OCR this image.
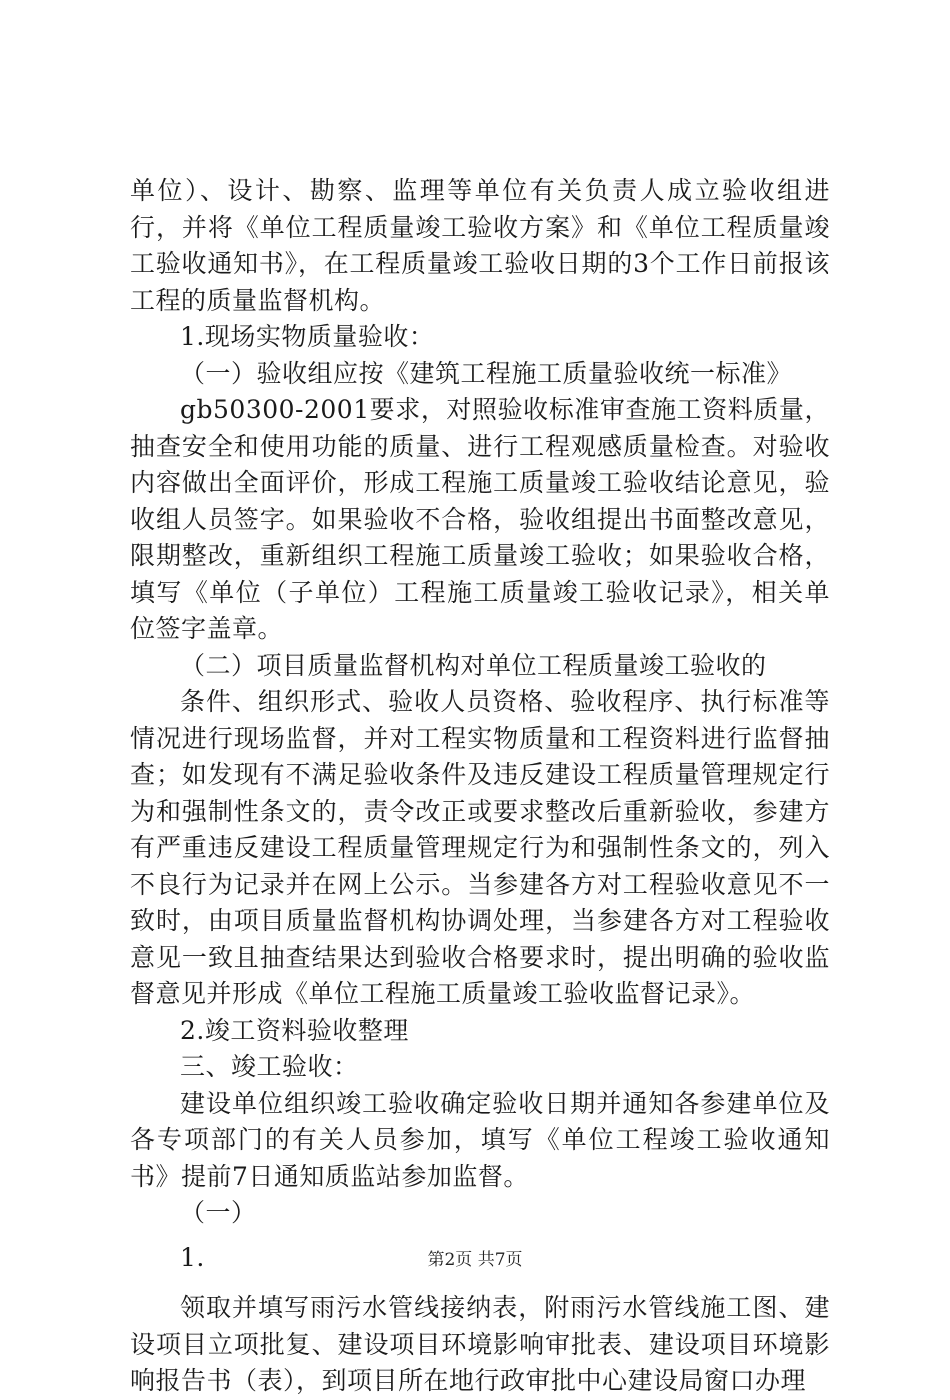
单位）、设计、勘察、监理等单位有关负责人成立验收组进行，并将《单位工程质量竣工验收方案》和《单位工程质量竣工验收通知书》，在工程质量竣工验收日期的3个工作日前报该工程的质量监督机构。

1.现场实物质量验收：

（一）验收组应按《建筑工程施工质量验收统一标准》

gb50300-2001要求，对照验收标准审查施工资料质量，抽查安全和使用功能的质量、进行工程观感质量检查。对验收内容做出全面评价，形成工程施工质量竣工验收结论意见，验收组人员签字。如果验收不合格，验收组提出书面整改意见，限期整改，重新组织工程施工质量竣工验收；如果验收合格，填写《单位（子单位）工程施工质量竣工验收记录》，相关单位签字盖章。

（二）项目质量监督机构对单位工程质量竣工验收的

条件、组织形式、验收人员资格、验收程序、执行标准等情况进行现场监督，并对工程实物质量和工程资料进行监督抽查；如发现有不满足验收条件及违反建设工程质量管理规定行为和强制性条文的，责令改正或要求整改后重新验收，参建方有严重违反建设工程质量管理规定行为和强制性条文的，列入不良行为记录并在网上公示。当参建各方对工程验收意见不一致时，由项目质量监督机构协调处理，当参建各方对工程验收意见一致且抽查结果达到验收合格要求时，提出明确的验收监督意见并形成《单位工程施工质量竣工验收监督记录》。

2.竣工资料验收整理

三、竣工验收：

建设单位组织竣工验收确定验收日期并通知各参建单位及各专项部门的有关人员参加，填写《单位工程竣工验收通知书》提前7日通知质监站参加监督。

（一）

1.

领取并填写雨污水管线接纳表，附雨污水管线施工图、建设项目立项批复、建设项目环境影响审批表、建设项目环境影响报告书（表），到项目所在地行政审批中心建设局窗口办理

第2页 共7页
